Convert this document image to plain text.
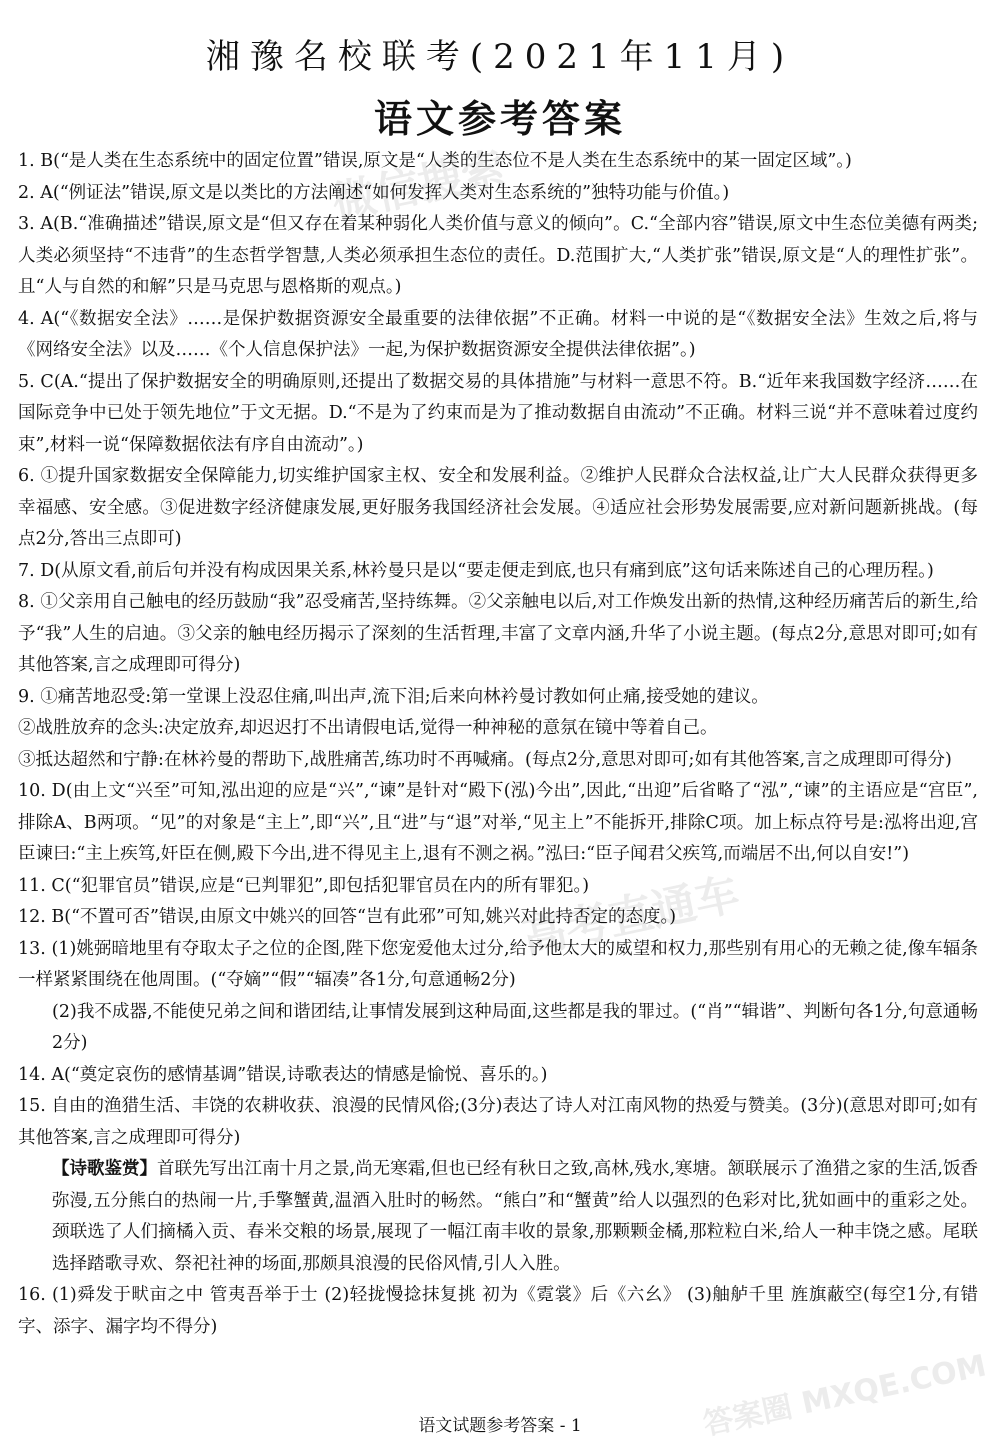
微信搜索
高考直通车
答案圈 MXQE.COM
湘豫名校联考(2021年11月)
语文参考答案

1. B(“是人类在生态系统中的固定位置”错误,原文是“人类的生态位不是人类在生态系统中的某一固定区域”。)

2. A(“例证法”错误,原文是以类比的方法阐述“如何发挥人类对生态系统的”独特功能与价值。)

3. A(B.“准确描述”错误,原文是“但又存在着某种弱化人类价值与意义的倾向”。C.“全部内容”错误,原文中生态位美德有两类;人类必须坚持“不违背”的生态哲学智慧,人类必须承担生态位的责任。D.范围扩大,“人类扩张”错误,原文是“人的理性扩张”。且“人与自然的和解”只是马克思与恩格斯的观点。)

4. A(“《数据安全法》……是保护数据资源安全最重要的法律依据”不正确。材料一中说的是“《数据安全法》生效之后,将与《网络安全法》以及……《个人信息保护法》一起,为保护数据资源安全提供法律依据”。)

5. C(A.“提出了保护数据安全的明确原则,还提出了数据交易的具体措施”与材料一意思不符。B.“近年来我国数字经济……在国际竞争中已处于领先地位”于文无据。D.“不是为了约束而是为了推动数据自由流动”不正确。材料三说“并不意味着过度约束”,材料一说“保障数据依法有序自由流动”。)

6. ①提升国家数据安全保障能力,切实维护国家主权、安全和发展利益。②维护人民群众合法权益,让广大人民群众获得更多幸福感、安全感。③促进数字经济健康发展,更好服务我国经济社会发展。④适应社会形势发展需要,应对新问题新挑战。(每点2分,答出三点即可)

7. D(从原文看,前后句并没有构成因果关系,林衿曼只是以“要走便走到底,也只有痛到底”这句话来陈述自己的心理历程。)

8. ①父亲用自己触电的经历鼓励“我”忍受痛苦,坚持练舞。②父亲触电以后,对工作焕发出新的热情,这种经历痛苦后的新生,给予“我”人生的启迪。③父亲的触电经历揭示了深刻的生活哲理,丰富了文章内涵,升华了小说主题。(每点2分,意思对即可;如有其他答案,言之成理即可得分)

9. ①痛苦地忍受:第一堂课上没忍住痛,叫出声,流下泪;后来向林衿曼讨教如何止痛,接受她的建议。

②战胜放弃的念头:决定放弃,却迟迟打不出请假电话,觉得一种神秘的意氛在镜中等着自己。

③抵达超然和宁静:在林衿曼的帮助下,战胜痛苦,练功时不再喊痛。(每点2分,意思对即可;如有其他答案,言之成理即可得分)

10. D(由上文“兴至”可知,泓出迎的应是“兴”,“谏”是针对“殿下(泓)今出”,因此,“出迎”后省略了“泓”,“谏”的主语应是“宫臣”,排除A、B两项。“见”的对象是“主上”,即“兴”,且“进”与“退”对举,“见主上”不能拆开,排除C项。加上标点符号是:泓将出迎,宫臣谏曰:“主上疾笃,奸臣在侧,殿下今出,进不得见主上,退有不测之祸。”泓曰:“臣子闻君父疾笃,而端居不出,何以自安!”)

11. C(“犯罪官员”错误,应是“已判罪犯”,即包括犯罪官员在内的所有罪犯。)

12. B(“不置可否”错误,由原文中姚兴的回答“岂有此邪”可知,姚兴对此持否定的态度。)

13. (1)姚弼暗地里有夺取太子之位的企图,陛下您宠爱他太过分,给予他太大的威望和权力,那些别有用心的无赖之徒,像车辐条一样紧紧围绕在他周围。(“夺嫡”“假”“辐凑”各1分,句意通畅2分)

(2)我不成器,不能使兄弟之间和谐团结,让事情发展到这种局面,这些都是我的罪过。(“肖”“辑谐”、判断句各1分,句意通畅2分)

14. A(“奠定哀伤的感情基调”错误,诗歌表达的情感是愉悦、喜乐的。)

15. 自由的渔猎生活、丰饶的农耕收获、浪漫的民情风俗;(3分)表达了诗人对江南风物的热爱与赞美。(3分)(意思对即可;如有其他答案,言之成理即可得分)

【诗歌鉴赏】首联先写出江南十月之景,尚无寒霜,但也已经有秋日之致,高林,残水,寒塘。颔联展示了渔猎之家的生活,饭香弥漫,五分熊白的热闹一片,手擎蟹黄,温酒入肚时的畅然。“熊白”和“蟹黄”给人以强烈的色彩对比,犹如画中的重彩之处。颈联选了人们摘橘入贡、春米交粮的场景,展现了一幅江南丰收的景象,那颗颗金橘,那粒粒白米,给人一种丰饶之感。尾联选择踏歌寻欢、祭祀社神的场面,那颇具浪漫的民俗风情,引人入胜。

16. (1)舜发于畎亩之中 管夷吾举于士 (2)轻拢慢捻抹复挑 初为《霓裳》后《六幺》 (3)舳舻千里 旌旗蔽空(每空1分,有错字、添字、漏字均不得分)

语文试题参考答案 - 1
